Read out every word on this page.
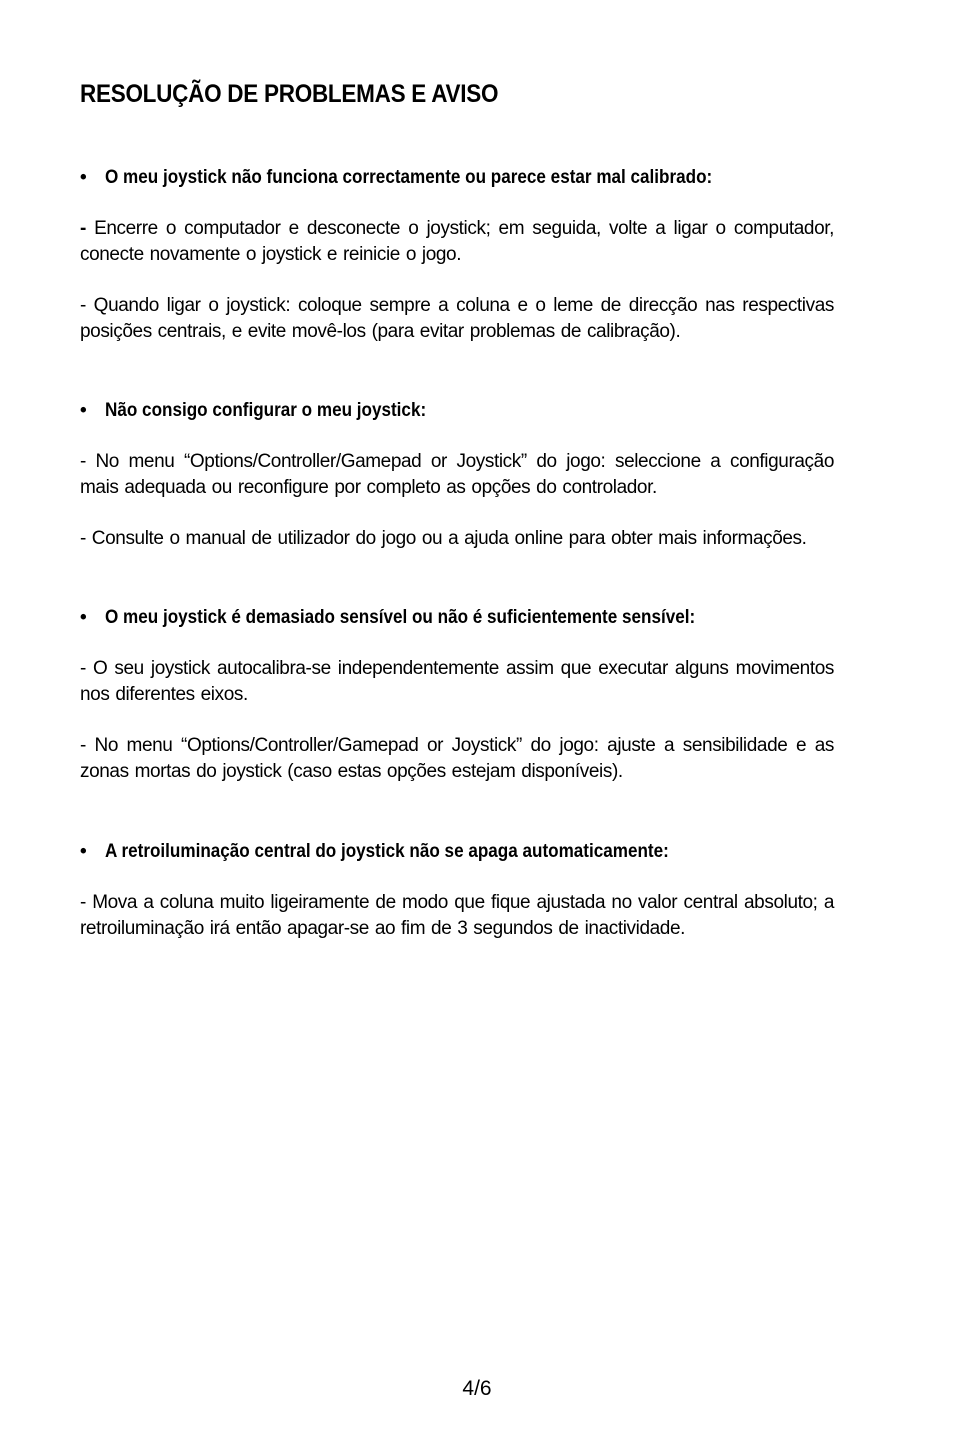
RESOLUÇÃO DE PROBLEMAS E AVISO

• O meu joystick não funciona correctamente ou parece estar mal calibrado:

- Encerre o computador e desconecte o joystick; em seguida, volte a ligar o computador, conecte novamente o joystick e reinicie o jogo.

- Quando ligar o joystick: coloque sempre a coluna e o leme de direcção nas respectivas posições centrais, e evite movê-los (para evitar problemas de calibração).

• Não consigo configurar o meu joystick:

- No menu “Options/Controller/Gamepad or Joystick” do jogo: seleccione a configuração mais adequada ou reconfigure por completo as opções do controlador.

- Consulte o manual de utilizador do jogo ou a ajuda online para obter mais informações.

• O meu joystick é demasiado sensível ou não é suficientemente sensível:

- O seu joystick autocalibra-se independentemente assim que executar alguns movimentos nos diferentes eixos.

- No menu “Options/Controller/Gamepad or Joystick” do jogo: ajuste a sensibilidade e as zonas mortas do joystick (caso estas opções estejam disponíveis).

• A retroiluminação central do joystick não se apaga automaticamente:

- Mova a coluna muito ligeiramente de modo que fique ajustada no valor central absoluto; a retroiluminação irá então apagar-se ao fim de 3 segundos de inactividade.

4/6
